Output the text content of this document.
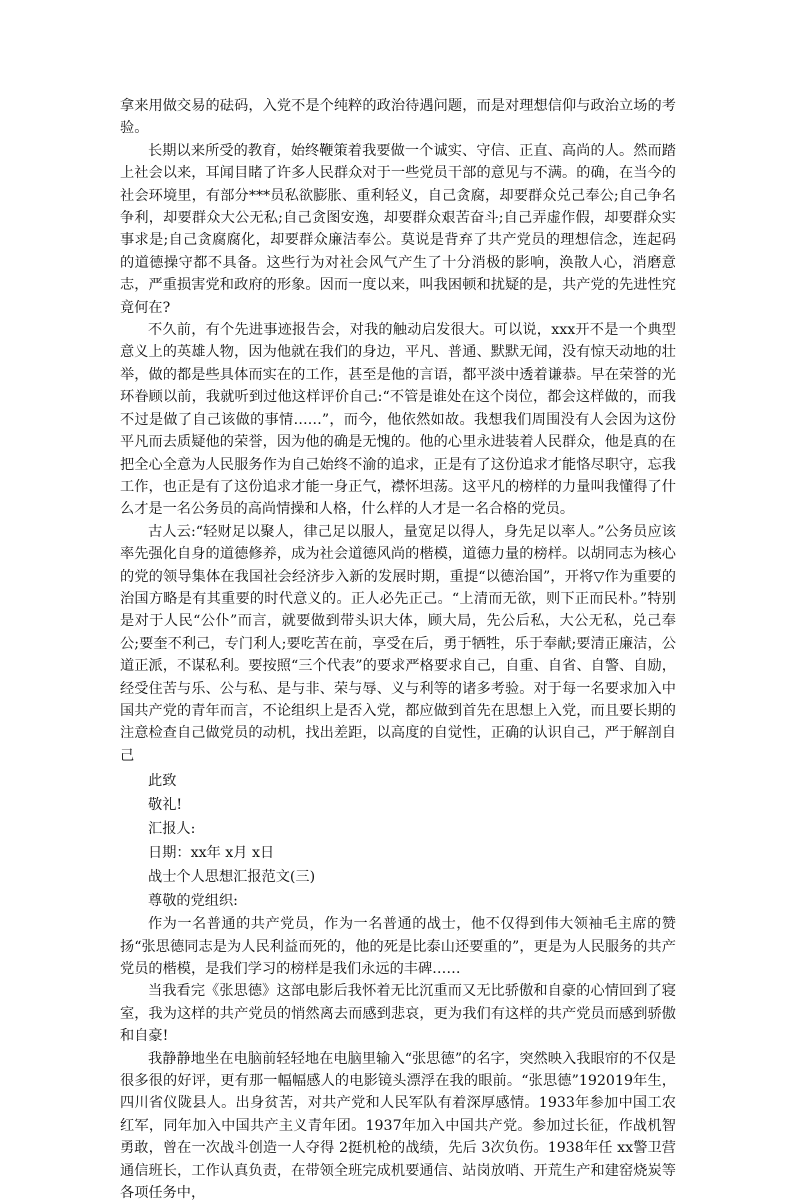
拿来用做交易的砝码，入党不是个纯粹的政治待遇问题，而是对理想信仰与政治立场的考验。

长期以来所受的教育，始终鞭策着我要做一个诚实、守信、正直、高尚的人。然而踏上社会以来，耳闻目睹了许多人民群众对于一些党员干部的意见与不满。的确，在当今的社会环境里，有部分***员私欲膨胀、重利轻义，自己贪腐，却要群众兑己奉公;自己争名争利，却要群众大公无私;自己贪图安逸，却要群众艰苦奋斗;自己弄虚作假，却要群众实事求是;自己贪腐腐化，却要群众廉洁奉公。莫说是背弃了共产党员的理想信念，连起码的道德操守都不具备。这些行为对社会风气产生了十分消极的影响，涣散人心，消磨意志，严重损害党和政府的形象。因而一度以来，叫我困顿和扰疑的是，共产党的先进性究竟何在?

不久前，有个先进事迹报告会，对我的触动启发很大。可以说，xxx开不是一个典型意义上的英雄人物，因为他就在我们的身边，平凡、普通、默默无闻，没有惊天动地的壮举，做的都是些具体而实在的工作，甚至是他的言语，都平淡中透着谦恭。早在荣誉的光环眷顾以前，我就听到过他这样评价自己:“不管是谁处在这个岗位，都会这样做的，而我不过是做了自己该做的事情……”，而今，他依然如故。我想我们周围没有人会因为这份平凡而去质疑他的荣誉，因为他的确是无愧的。他的心里永进装着人民群众，他是真的在把全心全意为人民服务作为自己始终不渝的追求，正是有了这份追求才能恪尽职守，忘我工作，也正是有了这份追求才能一身正气，襟怀坦荡。这平凡的榜样的力量叫我懂得了什么才是一名公务员的高尚情操和人格，什么样的人才是一名合格的党员。

古人云:“轻财足以聚人，律己足以服人，量宽足以得人，身先足以率人。”公务员应该率先强化自身的道德修养，成为社会道德风尚的楷模，道德力量的榜样。以胡同志为核心的党的领导集体在我国社会经济步入新的发展时期，重提“以德治国”，开将▽作为重要的治国方略是有其重要的时代意义的。正人必先正己。“上清而无欲，则下正而民朴。”特别是对于人民“公仆”而言，就要做到带头识大体，顾大局，先公后私，大公无私，兑己奉公;要奎不利己，专门利人;要吃苦在前，享受在后，勇于牺牲，乐于奉献;要清正廉洁，公道正派，不谋私利。要按照“三个代表”的要求严格要求自己，自重、自省、自警、自励，经受住苦与乐、公与私、是与非、荣与辱、义与利等的诸多考验。对于每一名要求加入中国共产党的青年而言，不论组织上是否入党，都应做到首先在思想上入党，而且要长期的注意检查自己做党员的动机，找出差距，以高度的自觉性，正确的认识自己，严于解剖自己

此致

敬礼!

汇报人:

日期：xx年 x月 x日

战士个人思想汇报范文(三)

尊敬的党组织:

作为一名普通的共产党员，作为一名普通的战士，他不仅得到伟大领袖毛主席的赞扬“张思德同志是为人民利益而死的，他的死是比泰山还要重的”，更是为人民服务的共产党员的楷模，是我们学习的榜样是我们永远的丰碑……

当我看完《张思德》这部电影后我怀着无比沉重而又无比骄傲和自豪的心情回到了寝室，我为这样的共产党员的悄然离去而感到悲哀，更为我们有这样的共产党员而感到骄傲和自豪!

我静静地坐在电脑前轻轻地在电脑里输入“张思德”的名字，突然映入我眼帘的不仅是很多很的好评，更有那一幅幅感人的电影镜头漂浮在我的眼前。“张思德”192019年生，四川省仪陇县人。出身贫苦，对共产党和人民军队有着深厚感情。1933年参加中国工农红军，同年加入中国共产主义青年团。1937年加入中国共产党。参加过长征，作战机智勇敢，曾在一次战斗创造一人夺得 2挺机枪的战绩，先后 3次负伤。1938年任 xx警卫营通信班长，工作认真负责，在带领全班完成机要通信、站岗放哨、开荒生产和建窑烧炭等各项任务中，
